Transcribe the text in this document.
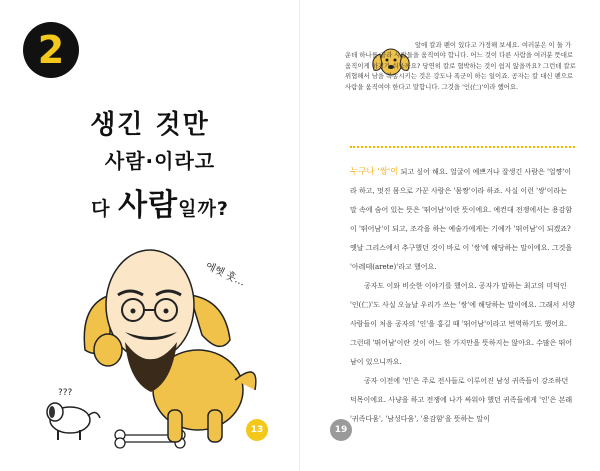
2
생긴 것만
사람·이라고
다 사람일까?
???
에헷 훗…
13
앞에 칼과 펜이 있다고 가정해 보세요. 여러분은 이 둘 가운데 하나를 골라 사람들을 움직여야 합니다. 어느 것이 다른 사람을 여러분 뜻대로 움직이게 하기가 쉬울까요? 당연히 칼로 협박하는 것이 쉽지 않을까요? 그런데 칼로 위협해서 남을 복종시키는 것은 강도나 폭군이 하는 일이죠. 공자는 칼 대신 펜으로 사람을 움직여야 한다고 말합니다. 그것을 '인(仁)'이라 했어요.

누구나 '쌍'이 되고 싶어 해요. 얼굴이 예쁘거나 잘생긴 사람은 '얼쨩'이라 하고, 멋진 몸으로 가꾼 사람은 '몸짱'이라 하죠. 사실 이런 '쌍'이라는 말 속에 숨어 있는 뜻은 '뛰어남'이란 뜻이에요. 예컨대 전쟁에서는 용감함이 '뛰어남'이 되고, 조각을 하는 예술가에게는 기예가 '뛰어남'이 되겠죠? 옛날 그리스에서 추구했던 것이 바로 이 '쌍'에 해당하는 말이에요. 그것을 '아레테(arete)'라고 했어요.

공자도 이와 비슷한 이야기를 했어요. 공자가 말하는 최고의 미덕인 '인(仁)'도 사실 오늘날 우리가 쓰는 '쌍'에 해당하는 말이에요. 그래서 서양 사람들이 처음 공자의 '인'을 홍길 때 '뛰어남'이라고 번역하기도 했어요. 그런데 '뛰어남'이란 것이 어느 한 가지만을 뜻하지는 않아요. 수많은 뛰어남이 있으니까요.

공자 이전에 '인'은 주로 전사들로 이루어진 남성 귀족들이 강조하던 덕목이에요. 사냥을 하고 전쟁에 나가 싸워야 했던 귀족들에게 '인'은 본래 '귀족다움', '남성다움', '용감함'을 뜻하는 말이

19
